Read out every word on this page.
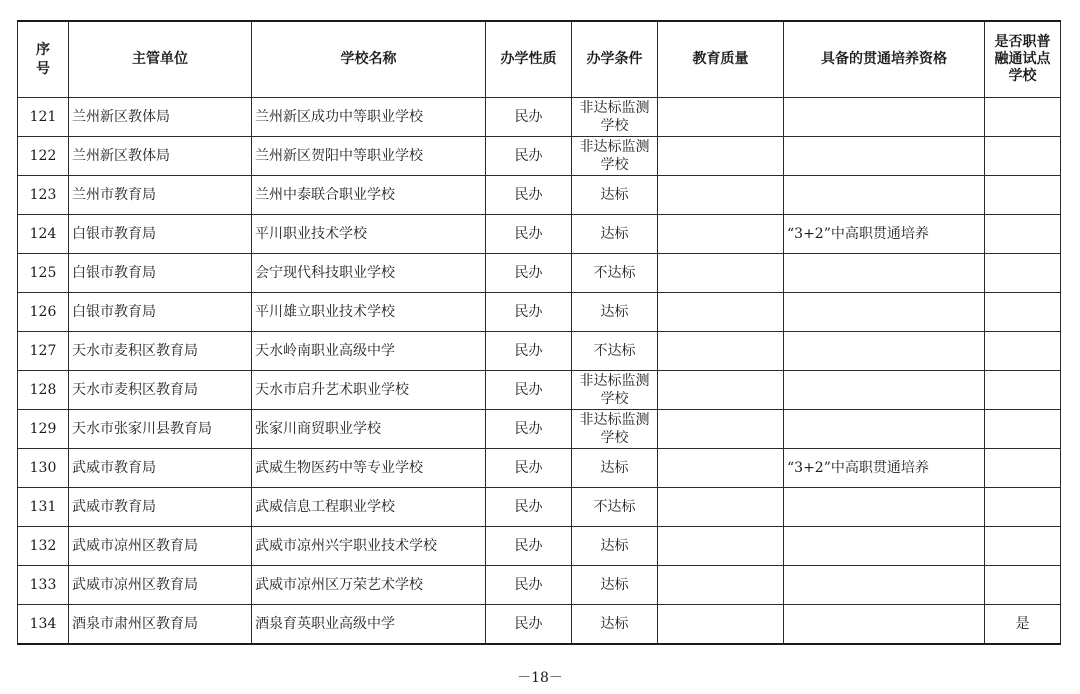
序号	主管单位	学校名称	办学性质	办学条件	教育质量	具备的贯通培养资格	是否职普融通试点学校
121	兰州新区教体局	兰州新区成功中等职业学校	民办	非达标监测学校			
122	兰州新区教体局	兰州新区贺阳中等职业学校	民办	非达标监测学校			
123	兰州市教育局	兰州中泰联合职业学校	民办	达标			
124	白银市教育局	平川职业技术学校	民办	达标		“3+2”中高职贯通培养	
125	白银市教育局	会宁现代科技职业学校	民办	不达标			
126	白银市教育局	平川雄立职业技术学校	民办	达标			
127	天水市麦积区教育局	天水岭南职业高级中学	民办	不达标			
128	天水市麦积区教育局	天水市启升艺术职业学校	民办	非达标监测学校			
129	天水市张家川县教育局	张家川商贸职业学校	民办	非达标监测学校			
130	武威市教育局	武威生物医药中等专业学校	民办	达标		“3+2”中高职贯通培养	
131	武威市教育局	武威信息工程职业学校	民办	不达标			
132	武威市凉州区教育局	武威市凉州兴宇职业技术学校	民办	达标			
133	武威市凉州区教育局	武威市凉州区万荣艺术学校	民办	达标			
134	酒泉市肃州区教育局	酒泉育英职业高级中学	民办	达标			是
－18－
